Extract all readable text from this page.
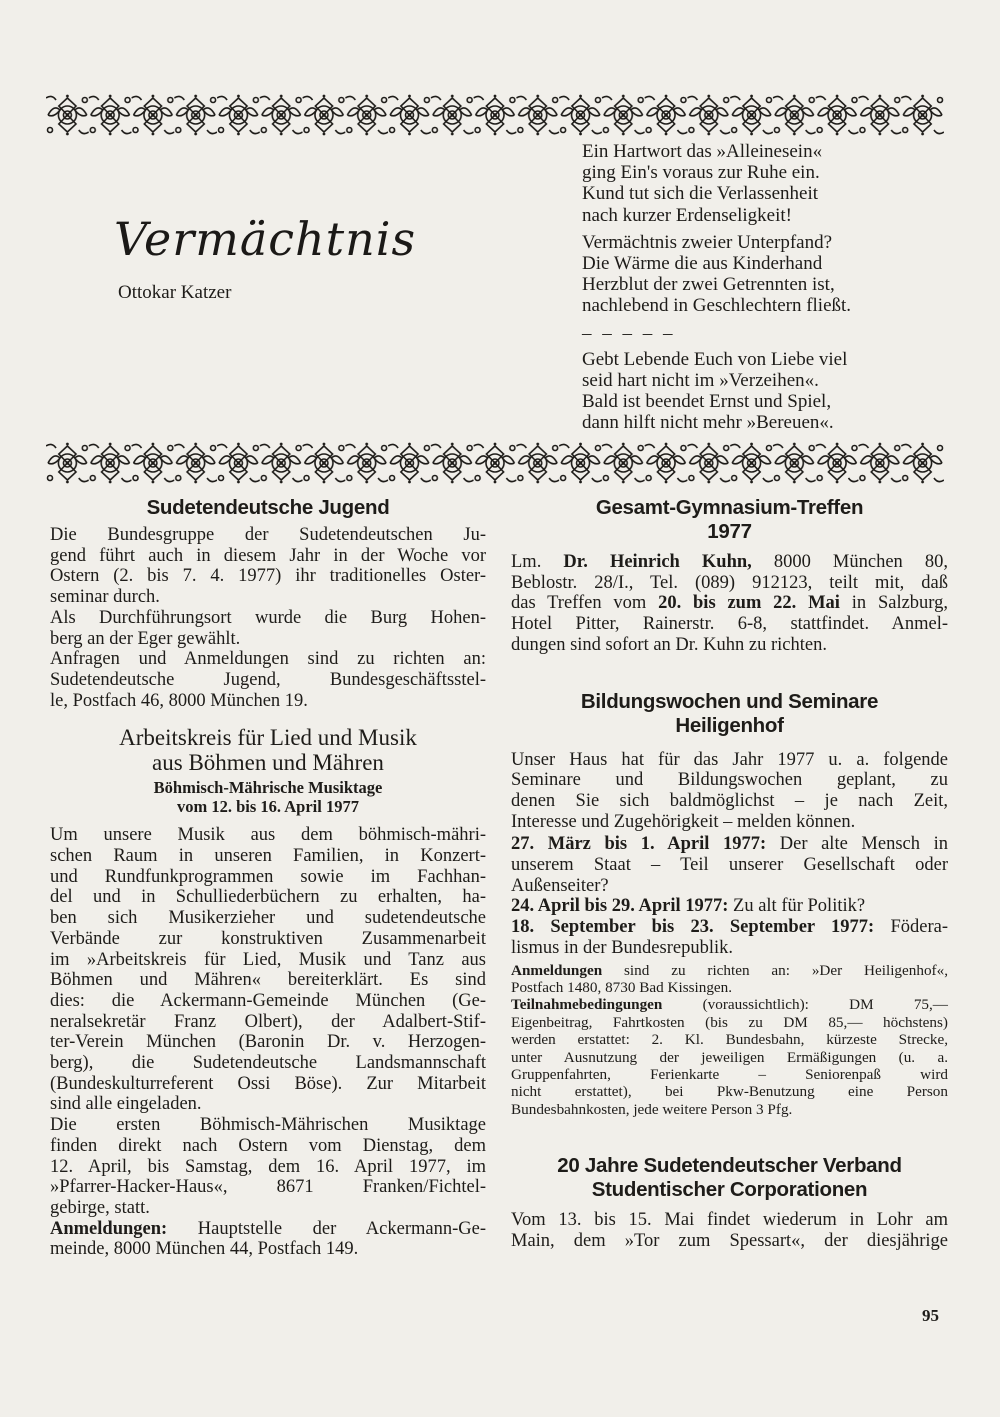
Vermächtnis
Ottokar Katzer
Ein Hartwort das »Alleinesein«
ging Ein's voraus zur Ruhe ein.
Kund tut sich die Verlassenheit
nach kurzer Erdenseligkeit!
Vermächtnis zweier Unterpfand?
Die Wärme die aus Kinderhand
Herzblut der zwei Getrennten ist,
nachlebend in Geschlechtern fließt.
– – – – –
Gebt Lebende Euch von Liebe viel
seid hart nicht im »Verzeihen«.
Bald ist beendet Ernst und Spiel,
dann hilft nicht mehr »Bereuen«.
Sudetendeutsche Jugend
Die Bundesgruppe der Sudetendeutschen Ju-
gend führt auch in diesem Jahr in der Woche vor
Ostern (2. bis 7. 4. 1977) ihr traditionelles Oster-
seminar durch.
Als Durchführungsort wurde die Burg Hohen-
berg an der Eger gewählt.
Anfragen und Anmeldungen sind zu richten an:
Sudetendeutsche Jugend, Bundesgeschäftsstel-
le, Postfach 46, 8000 München 19.
Arbeitskreis für Lied und Musik
aus Böhmen und Mähren
Böhmisch-Mährische Musiktage
vom 12. bis 16. April 1977
Um unsere Musik aus dem böhmisch-mähri-
schen Raum in unseren Familien, in Konzert-
und Rundfunkprogrammen sowie im Fachhan-
del und in Schulliederbüchern zu erhalten, ha-
ben sich Musikerzieher und sudetendeutsche
Verbände zur konstruktiven Zusammenarbeit
im »Arbeitskreis für Lied, Musik und Tanz aus
Böhmen und Mähren« bereiterklärt. Es sind
dies: die Ackermann-Gemeinde München (Ge-
neralsekretär Franz Olbert), der Adalbert-Stif-
ter-Verein München (Baronin Dr. v. Herzogen-
berg), die Sudetendeutsche Landsmannschaft
(Bundeskulturreferent Ossi Böse). Zur Mitarbeit
sind alle eingeladen.
Die ersten Böhmisch-Mährischen Musiktage
finden direkt nach Ostern vom Dienstag, dem
12. April, bis Samstag, dem 16. April 1977, im
»Pfarrer-Hacker-Haus«, 8671 Franken/Fichtel-
gebirge, statt.
Anmeldungen: Hauptstelle der Ackermann-Ge-
meinde, 8000 München 44, Postfach 149.
Gesamt-Gymnasium-Treffen
1977
Lm. Dr. Heinrich Kuhn, 8000 München 80,
Beblostr. 28/I., Tel. (089) 912123, teilt mit, daß
das Treffen vom 20. bis zum 22. Mai in Salzburg,
Hotel Pitter, Rainerstr. 6-8, stattfindet. Anmel-
dungen sind sofort an Dr. Kuhn zu richten.
Bildungswochen und Seminare
Heiligenhof
Unser Haus hat für das Jahr 1977 u. a. folgende
Seminare und Bildungswochen geplant, zu
denen Sie sich baldmöglichst – je nach Zeit,
Interesse und Zugehörigkeit – melden können.
27. März bis 1. April 1977: Der alte Mensch in
unserem Staat – Teil unserer Gesellschaft oder
Außenseiter?
24. April bis 29. April 1977: Zu alt für Politik?
18. September bis 23. September 1977: Födera-
lismus in der Bundesrepublik.
Anmeldungen sind zu richten an: »Der Heiligenhof«,
Postfach 1480, 8730 Bad Kissingen.
Teilnahmebedingungen (voraussichtlich): DM 75,—
Eigenbeitrag, Fahrtkosten (bis zu DM 85,— höchstens)
werden erstattet: 2. Kl. Bundesbahn, kürzeste Strecke,
unter Ausnutzung der jeweiligen Ermäßigungen (u. a.
Gruppenfahrten, Ferienkarte – Seniorenpaß wird
nicht erstattet), bei Pkw-Benutzung eine Person
Bundesbahnkosten, jede weitere Person 3 Pfg.
20 Jahre Sudetendeutscher Verband
Studentischer Corporationen
Vom 13. bis 15. Mai findet wiederum in Lohr am
Main, dem »Tor zum Spessart«, der diesjährige
95
